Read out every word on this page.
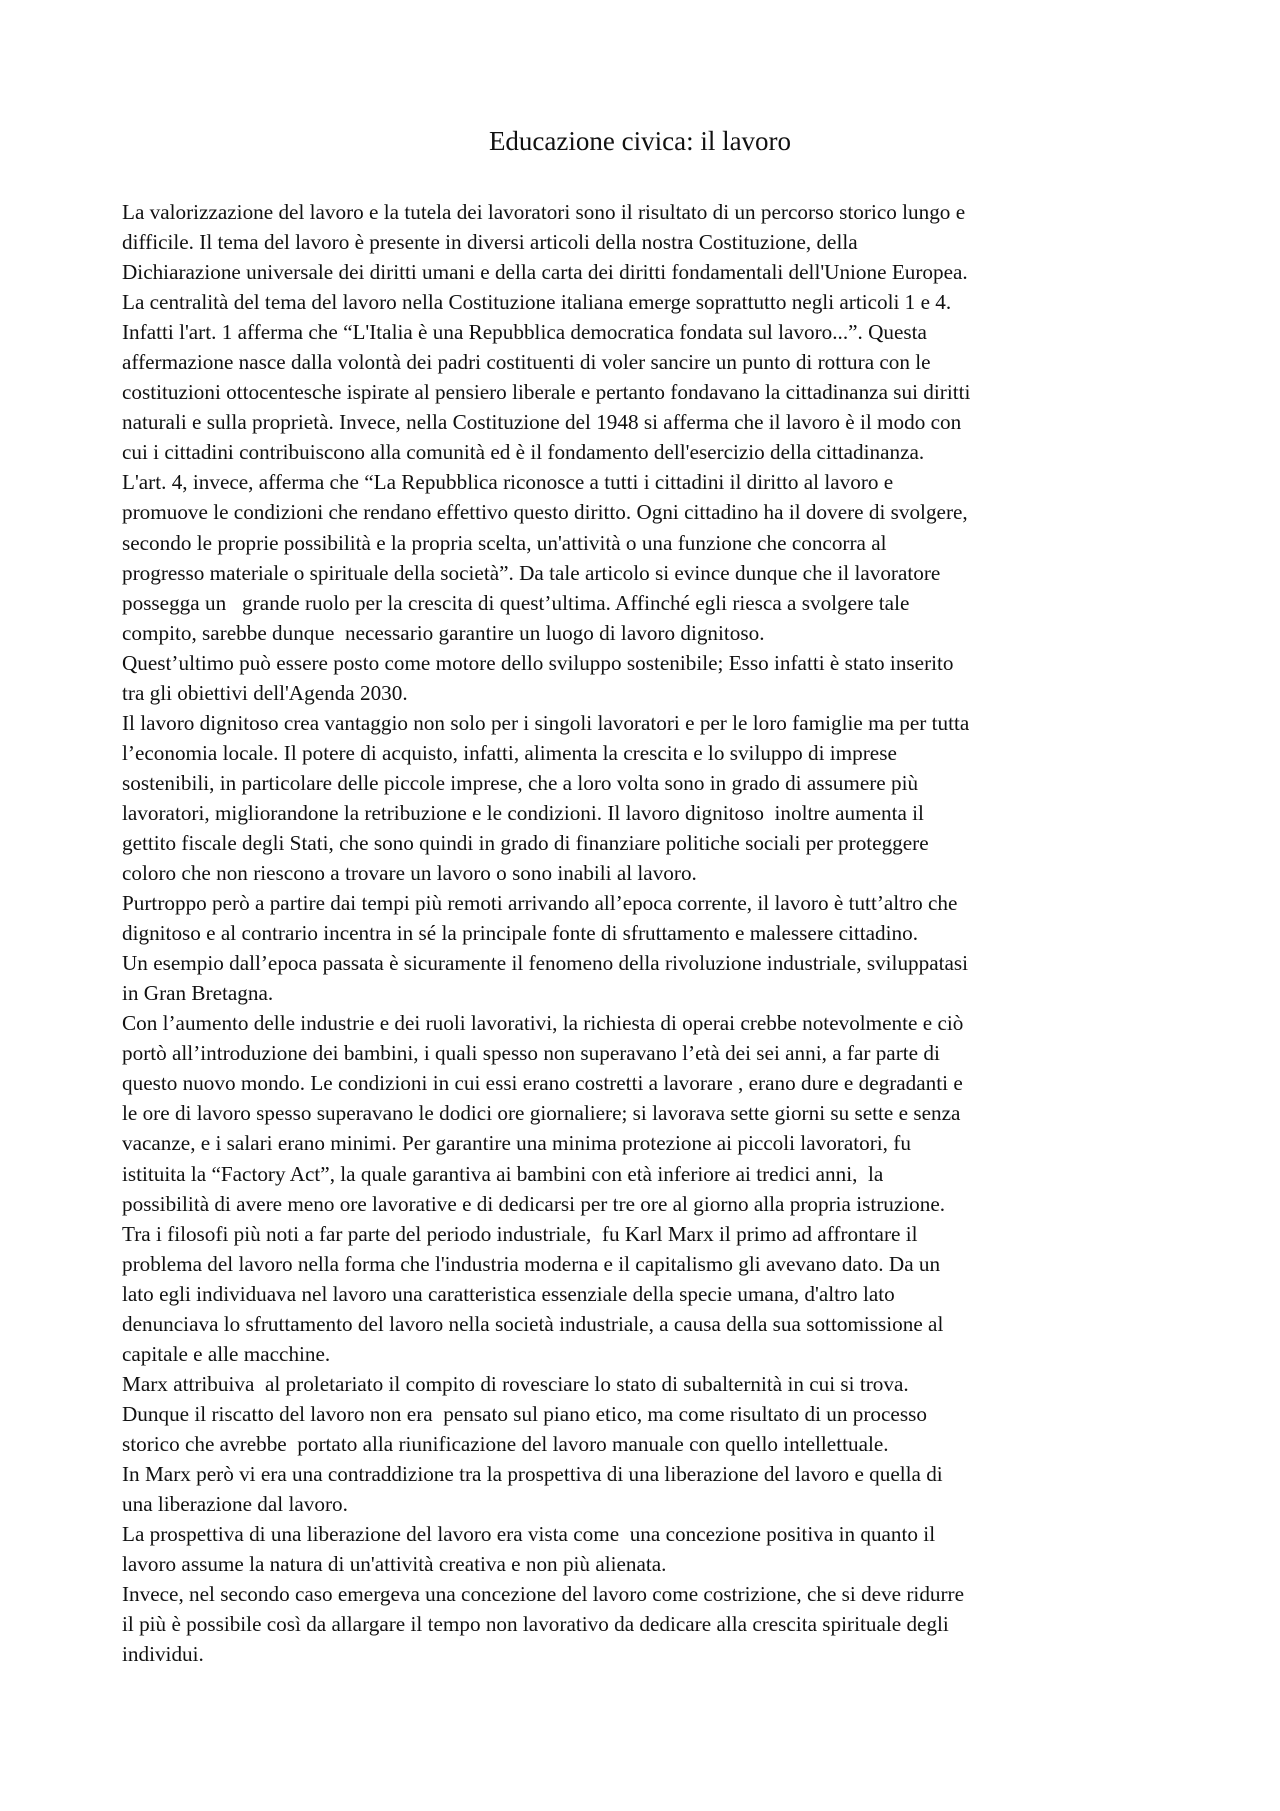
Educazione civica: il lavoro
La valorizzazione del lavoro e la tutela dei lavoratori sono il risultato di un percorso storico lungo e
difficile. Il tema del lavoro è presente in diversi articoli della nostra Costituzione, della
Dichiarazione universale dei diritti umani e della carta dei diritti fondamentali dell'Unione Europea.
La centralità del tema del lavoro nella Costituzione italiana emerge soprattutto negli articoli 1 e 4.
Infatti l'art. 1 afferma che “L'Italia è una Repubblica democratica fondata sul lavoro...”. Questa
affermazione nasce dalla volontà dei padri costituenti di voler sancire un punto di rottura con le
costituzioni ottocentesche ispirate al pensiero liberale e pertanto fondavano la cittadinanza sui diritti
naturali e sulla proprietà. Invece, nella Costituzione del 1948 si afferma che il lavoro è il modo con
cui i cittadini contribuiscono alla comunità ed è il fondamento dell'esercizio della cittadinanza.
L'art. 4, invece, afferma che “La Repubblica riconosce a tutti i cittadini il diritto al lavoro e
promuove le condizioni che rendano effettivo questo diritto. Ogni cittadino ha il dovere di svolgere,
secondo le proprie possibilità e la propria scelta, un'attività o una funzione che concorra al
progresso materiale o spirituale della società”. Da tale articolo si evince dunque che il lavoratore
possegga un   grande ruolo per la crescita di quest’ultima. Affinché egli riesca a svolgere tale
compito, sarebbe dunque  necessario garantire un luogo di lavoro dignitoso.
Quest’ultimo può essere posto come motore dello sviluppo sostenibile; Esso infatti è stato inserito
tra gli obiettivi dell'Agenda 2030.
Il lavoro dignitoso crea vantaggio non solo per i singoli lavoratori e per le loro famiglie ma per tutta
l’economia locale. Il potere di acquisto, infatti, alimenta la crescita e lo sviluppo di imprese
sostenibili, in particolare delle piccole imprese, che a loro volta sono in grado di assumere più
lavoratori, migliorandone la retribuzione e le condizioni. Il lavoro dignitoso  inoltre aumenta il
gettito fiscale degli Stati, che sono quindi in grado di finanziare politiche sociali per proteggere
coloro che non riescono a trovare un lavoro o sono inabili al lavoro.
Purtroppo però a partire dai tempi più remoti arrivando all’epoca corrente, il lavoro è tutt’altro che
dignitoso e al contrario incentra in sé la principale fonte di sfruttamento e malessere cittadino.
Un esempio dall’epoca passata è sicuramente il fenomeno della rivoluzione industriale, sviluppatasi
in Gran Bretagna.
Con l’aumento delle industrie e dei ruoli lavorativi, la richiesta di operai crebbe notevolmente e ciò
portò all’introduzione dei bambini, i quali spesso non superavano l’età dei sei anni, a far parte di
questo nuovo mondo. Le condizioni in cui essi erano costretti a lavorare , erano dure e degradanti e
le ore di lavoro spesso superavano le dodici ore giornaliere; si lavorava sette giorni su sette e senza
vacanze, e i salari erano minimi. Per garantire una minima protezione ai piccoli lavoratori, fu
istituita la “Factory Act”, la quale garantiva ai bambini con età inferiore ai tredici anni,  la
possibilità di avere meno ore lavorative e di dedicarsi per tre ore al giorno alla propria istruzione.
Tra i filosofi più noti a far parte del periodo industriale,  fu Karl Marx il primo ad affrontare il
problema del lavoro nella forma che l'industria moderna e il capitalismo gli avevano dato. Da un
lato egli individuava nel lavoro una caratteristica essenziale della specie umana, d'altro lato
denunciava lo sfruttamento del lavoro nella società industriale, a causa della sua sottomissione al
capitale e alle macchine.
Marx attribuiva  al proletariato il compito di rovesciare lo stato di subalternità in cui si trova.
Dunque il riscatto del lavoro non era  pensato sul piano etico, ma come risultato di un processo
storico che avrebbe  portato alla riunificazione del lavoro manuale con quello intellettuale.
In Marx però vi era una contraddizione tra la prospettiva di una liberazione del lavoro e quella di
una liberazione dal lavoro.
La prospettiva di una liberazione del lavoro era vista come  una concezione positiva in quanto il
lavoro assume la natura di un'attività creativa e non più alienata.
Invece, nel secondo caso emergeva una concezione del lavoro come costrizione, che si deve ridurre
il più è possibile così da allargare il tempo non lavorativo da dedicare alla crescita spirituale degli
individui.
